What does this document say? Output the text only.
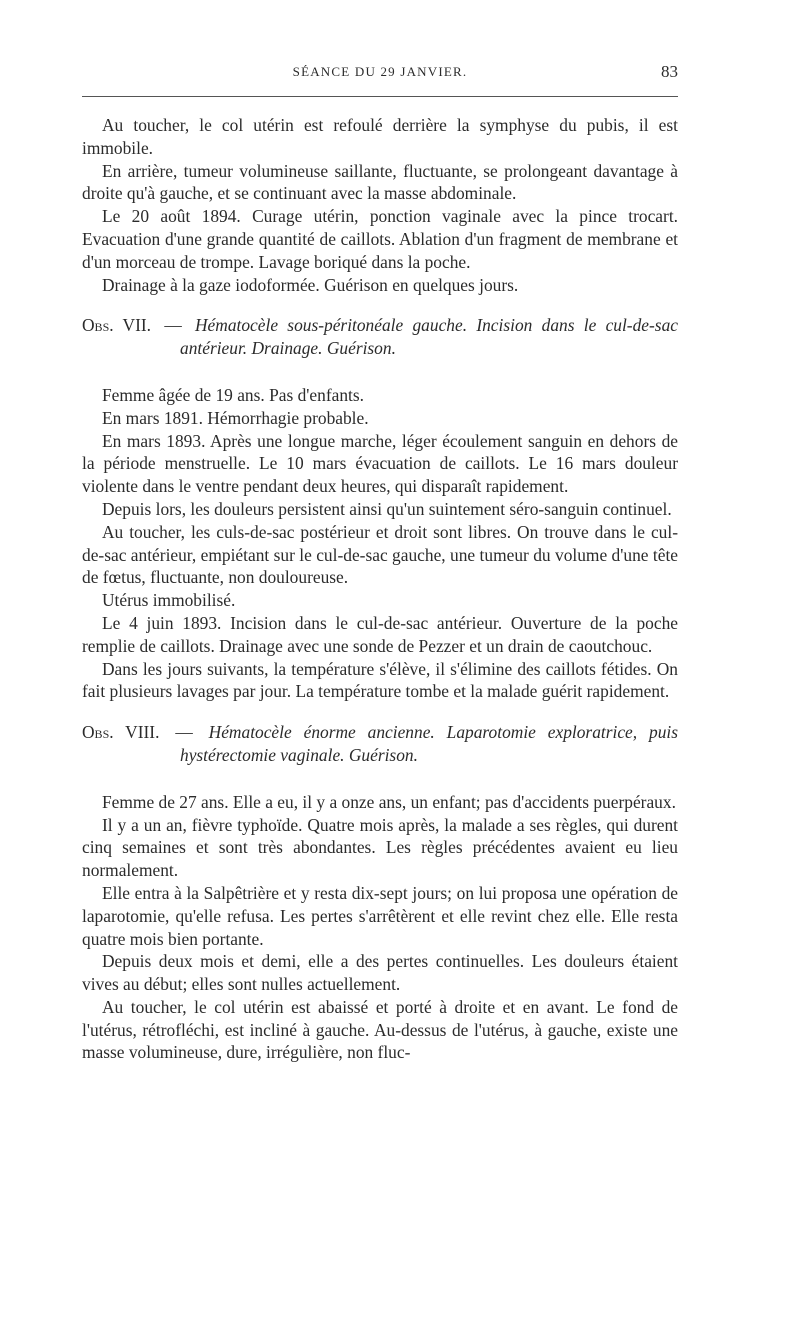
SÉANCE DU 29 JANVIER.	83

Au toucher, le col utérin est refoulé derrière la symphyse du pubis, il est immobile.

En arrière, tumeur volumineuse saillante, fluctuante, se prolongeant davantage à droite qu'à gauche, et se continuant avec la masse abdominale.

Le 20 août 1894. Curage utérin, ponction vaginale avec la pince trocart. Evacuation d'une grande quantité de caillots. Ablation d'un fragment de membrane et d'un morceau de trompe. Lavage boriqué dans la poche.

Drainage à la gaze iodoformée. Guérison en quelques jours.

Obs. VII. — Hématocèle sous-péritonéale gauche. Incision dans le cul-de-sac antérieur. Drainage. Guérison.

Femme âgée de 19 ans. Pas d'enfants.

En mars 1891. Hémorrhagie probable.

En mars 1893. Après une longue marche, léger écoulement sanguin en dehors de la période menstruelle. Le 10 mars évacuation de caillots. Le 16 mars douleur violente dans le ventre pendant deux heures, qui disparaît rapidement.

Depuis lors, les douleurs persistent ainsi qu'un suintement séro-sanguin continuel.

Au toucher, les culs-de-sac postérieur et droit sont libres. On trouve dans le cul-de-sac antérieur, empiétant sur le cul-de-sac gauche, une tumeur du volume d'une tête de fœtus, fluctuante, non douloureuse.

Utérus immobilisé.

Le 4 juin 1893. Incision dans le cul-de-sac antérieur. Ouverture de la poche remplie de caillots. Drainage avec une sonde de Pezzer et un drain de caoutchouc.

Dans les jours suivants, la température s'élève, il s'élimine des caillots fétides. On fait plusieurs lavages par jour. La température tombe et la malade guérit rapidement.

Obs. VIII. — Hématocèle énorme ancienne. Laparotomie exploratrice, puis hystérectomie vaginale. Guérison.

Femme de 27 ans. Elle a eu, il y a onze ans, un enfant; pas d'accidents puerpéraux.

Il y a un an, fièvre typhoïde. Quatre mois après, la malade a ses règles, qui durent cinq semaines et sont très abondantes. Les règles précédentes avaient eu lieu normalement.

Elle entra à la Salpêtrière et y resta dix-sept jours; on lui proposa une opération de laparotomie, qu'elle refusa. Les pertes s'arrêtèrent et elle revint chez elle. Elle resta quatre mois bien portante.

Depuis deux mois et demi, elle a des pertes continuelles. Les douleurs étaient vives au début; elles sont nulles actuellement.

Au toucher, le col utérin est abaissé et porté à droite et en avant. Le fond de l'utérus, rétrofléchi, est incliné à gauche. Au-dessus de l'utérus, à gauche, existe une masse volumineuse, dure, irrégulière, non fluc-
